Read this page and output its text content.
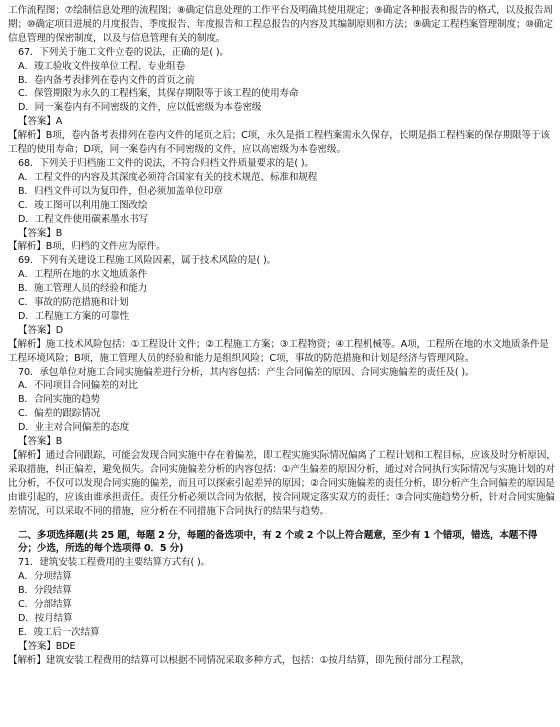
工作流程图；⑦绘制信息处理的流程图；⑧确定信息处理的工作平台及明确其使用规定；⑨确定各种报表和报告的格式，以及报告周期；⑩确定项目进展的月度报告、季度报告、年度报告和工程总报告的内容及其编制原则和方法；⑨确定工程档案管理制度；⑩确定信息管理的保密制度，以及与信息管理有关的制度。

67．下列关于施工文件立卷的说法，正确的是( )。

A．竣工验收文件按单位工程、专业组卷

B．卷内备考表排列在卷内文件的首页之前

C．保管期限为永久的工程档案，其保存期限等于该工程的使用寿命

D．同一案卷内有不同密级的文件，应以低密级为本卷密级

【答案】A

【解析】B项，卷内备考表排列在卷内文件的尾页之后；C项，永久是指工程档案需永久保存，长期是指工程档案的保存期限等于该工程的使用寿命；D项，同一案卷内有不同密级的文件，应以高密级为本卷密级。

68．下列关于归档施工文件的说法，不符合归档文件质量要求的是( )。

A．工程文件的内容及其深度必须符合国家有关的技术规范、标准和规程

B．归档文件可以为复印件，但必须加盖单位印章

C．竣工图可以利用施工图改绘

D．工程文件使用碳素墨水书写

【答案】B

【解析】B项，归档的文件应为原件。

69．下列有关建设工程施工风险因素，属于技术风险的是( )。

A．工程所在地的水文地质条件

B．施工管理人员的经验和能力

C．事故的防范措施和计划

D．工程施工方案的可靠性

【答案】D

【解析】施工技术风险包括：①工程设计文件；②工程施工方案；③工程物资；④工程机械等。A项，工程所在地的水文地质条件是工程环境风险；B项，施工管理人员的经验和能力是组织风险；C项，事故的防范措施和计划是经济与管理风险。

70．承包单位对施工合同实施偏差进行分析，其内容包括：产生合同偏差的原因、合同实施偏差的责任及( )。

A．不同项目合同偏差的对比

B．合同实施的趋势

C．偏差的跟踪情况

D．业主对合同偏差的态度

【答案】B

【解析】通过合同跟踪，可能会发现合同实施中存在着偏差，即工程实施实际情况偏离了工程计划和工程目标，应该及时分析原因，采取措施，纠正偏差，避免损失。合同实施偏差分析的内容包括：①产生偏差的原因分析，通过对合同执行实际情况与实施计划的对比分析，不仅可以发现合同实施的偏差，而且可以探索引起差异的原因；②合同实施偏差的责任分析，即分析产生合同偏差的原因是由谁引起的，应该由谁承担责任。责任分析必须以合同为依据，按合同规定落实双方的责任；③合同实施趋势分析，针对合同实施偏差情况，可以采取不同的措施，应分析在不同措施下合同执行的结果与趋势。

二、多项选择题(共 25 题，每题 2 分，每题的备选项中，有 2 个或 2 个以上符合题意，至少有 1 个错项，错选，本题不得分；少选，所选的每个选项得 0．5 分)

71．建筑安装工程费用的主要结算方式有( )。

A．分项结算

B．分段结算

C．分部结算

D．按月结算

E．竣工后一次结算

【答案】BDE

【解析】建筑安装工程费用的结算可以根据不同情况采取多种方式，包括：①按月结算，即先预付部分工程款，
